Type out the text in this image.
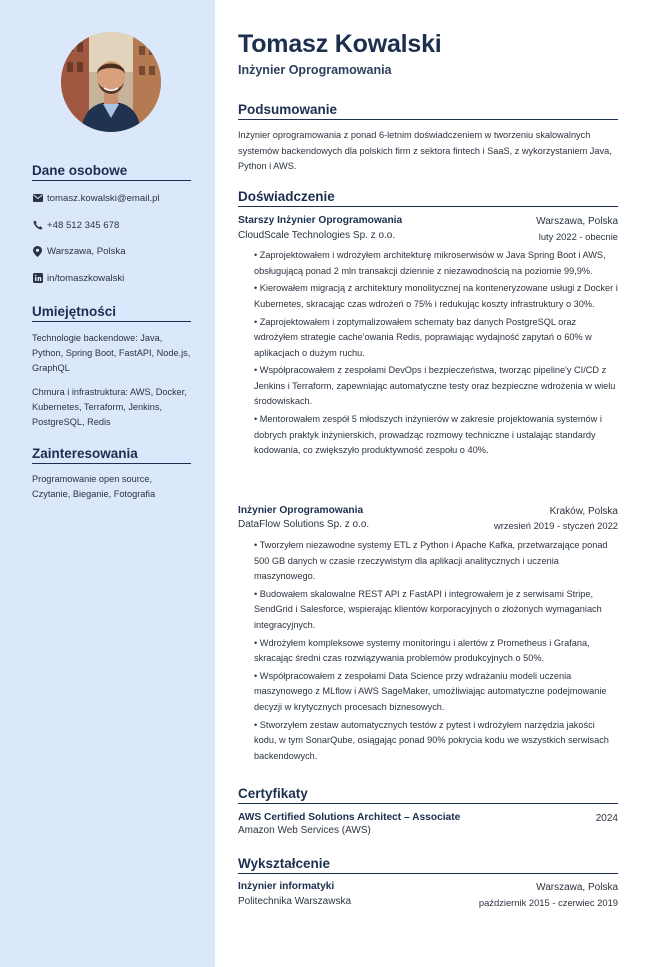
Dane osobowe
tomasz.kowalski@email.pl
+48 512 345 678
Warszawa, Polska
in/tomaszkowalski
Umiejętności
Technologie backendowe: Java, Python, Spring Boot, FastAPI, Node.js, GraphQL
Chmura i infrastruktura: AWS, Docker, Kubernetes, Terraform, Jenkins, PostgreSQL, Redis
Zainteresowania
Programowanie open source, Czytanie, Bieganie, Fotografia
Tomasz Kowalski
Inżynier Oprogramowania
Podsumowanie
Inżynier oprogramowania z ponad 6-letnim doświadczeniem w tworzeniu skalowalnych systemów backendowych dla polskich firm z sektora fintech i SaaS, z wykorzystaniem Java, Python i AWS.
Doświadczenie
Starszy Inżynier Oprogramowania	Warszawa, Polska
CloudScale Technologies Sp. z o.o.	luty 2022 - obecnie
• Zaprojektowałem i wdrożyłem architekturę mikroserwisów w Java Spring Boot i AWS, obsługującą ponad 2 mln transakcji dziennie z niezawodnością na poziomie 99,9%.
• Kierowałem migracją z architektury monolitycznej na konteneryzowane usługi z Docker i Kubernetes, skracając czas wdrożeń o 75% i redukując koszty infrastruktury o 30%.
• Zaprojektowałem i zoptymalizowałem schematy baz danych PostgreSQL oraz wdrożyłem strategie cache'owania Redis, poprawiając wydajność zapytań o 60% w aplikacjach o dużym ruchu.
• Współpracowałem z zespołami DevOps i bezpieczeństwa, tworząc pipeline'y CI/CD z Jenkins i Terraform, zapewniając automatyczne testy oraz bezpieczne wdrożenia w wielu środowiskach.
• Mentorowałem zespół 5 młodszych inżynierów w zakresie projektowania systemów i dobrych praktyk inżynierskich, prowadząc rozmowy techniczne i ustalając standardy kodowania, co zwiększyło produktywność zespołu o 40%.
Inżynier Oprogramowania	Kraków, Polska
DataFlow Solutions Sp. z o.o.	wrzesień 2019 - styczeń 2022
• Tworzyłem niezawodne systemy ETL z Python i Apache Kafka, przetwarzające ponad 500 GB danych w czasie rzeczywistym dla aplikacji analitycznych i uczenia maszynowego.
• Budowałem skalowalne REST API z FastAPI i integrowałem je z serwisami Stripe, SendGrid i Salesforce, wspierając klientów korporacyjnych o złożonych wymaganiach integracyjnych.
• Wdrożyłem kompleksowe systemy monitoringu i alertów z Prometheus i Grafana, skracając średni czas rozwiązywania problemów produkcyjnych o 50%.
• Współpracowałem z zespołami Data Science przy wdrażaniu modeli uczenia maszynowego z MLflow i AWS SageMaker, umożliwiając automatyczne podejmowanie decyzji w krytycznych procesach biznesowych.
• Stworzyłem zestaw automatycznych testów z pytest i wdrożyłem narzędzia jakości kodu, w tym SonarQube, osiągając ponad 90% pokrycia kodu we wszystkich serwisach backendowych.
Certyfikaty
AWS Certified Solutions Architect – Associate	2024
Amazon Web Services (AWS)
Wykształcenie
Inżynier informatyki	Warszawa, Polska
Politechnika Warszawska	październik 2015 - czerwiec 2019
